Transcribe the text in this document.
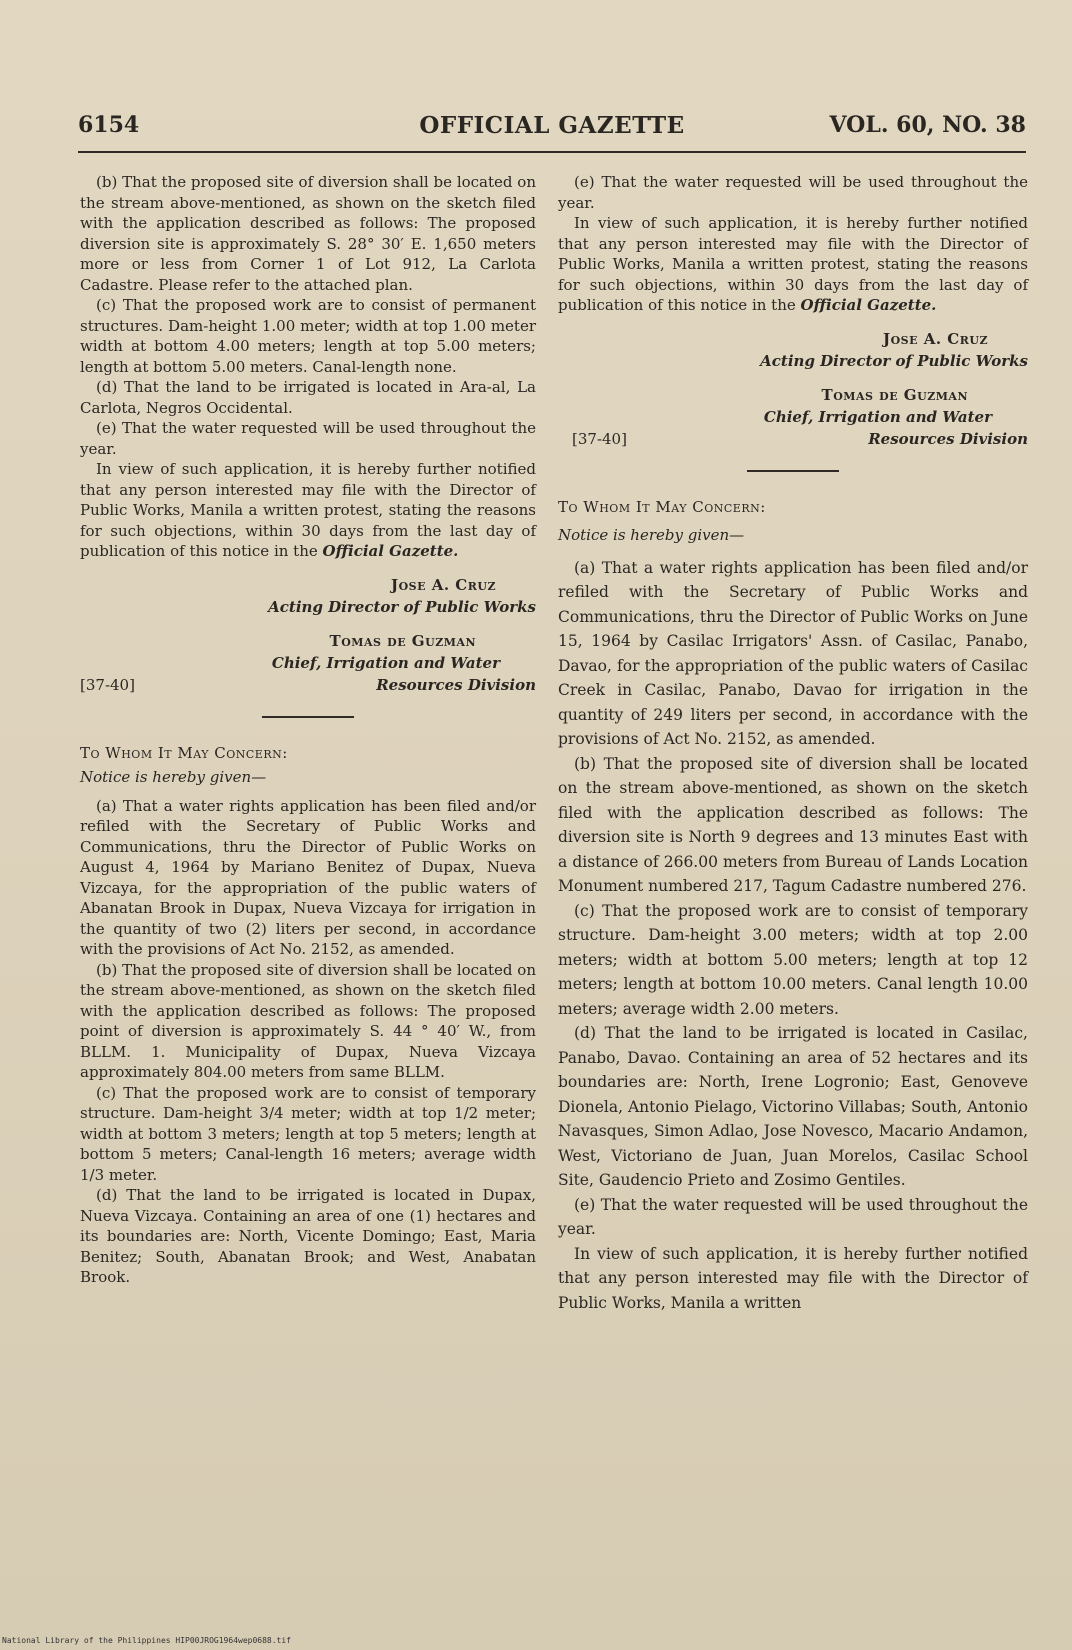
6154	OFFICIAL GAZETTE	VOL. 60, NO. 38

(b) That the proposed site of diversion shall be located on the stream above-mentioned, as shown on the sketch filed with the application described as follows: The proposed diversion site is approximately S. 28° 30′ E. 1,650 meters more or less from Corner 1 of Lot 912, La Carlota Cadastre. Please refer to the attached plan.

(c) That the proposed work are to consist of permanent structures. Dam-height 1.00 meter; width at top 1.00 meter width at bottom 4.00 meters; length at top 5.00 meters; length at bottom 5.00 meters. Canal-length none.

(d) That the land to be irrigated is located in Ara-al, La Carlota, Negros Occidental.

(e) That the water requested will be used throughout the year.

In view of such application, it is hereby further notified that any person interested may file with the Director of Public Works, Manila a written protest, stating the reasons for such objections, within 30 days from the last day of publication of this notice in the Official Gazette.

Jose A. Cruz
Acting Director of Public Works
Tomas de Guzman
Chief, Irrigation and Water
[37-40]	Resources Division
To Whom It May Concern:
Notice is hereby given—

(a) That a water rights application has been filed and/or refiled with the Secretary of Public Works and Communications, thru the Director of Public Works on August 4, 1964 by Mariano Benitez of Dupax, Nueva Vizcaya, for the appropriation of the public waters of Abanatan Brook in Dupax, Nueva Vizcaya for irrigation in the quantity of two (2) liters per second, in accordance with the provisions of Act No. 2152, as amended.

(b) That the proposed site of diversion shall be located on the stream above-mentioned, as shown on the sketch filed with the application described as follows: The proposed point of diversion is approximately S. 44 ° 40′ W., from BLLM. 1. Municipality of Dupax, Nueva Vizcaya approximately 804.00 meters from same BLLM.

(c) That the proposed work are to consist of temporary structure. Dam-height 3/4 meter; width at top 1/2 meter; width at bottom 3 meters; length at top 5 meters; length at bottom 5 meters; Canal-length 16 meters; average width 1/3 meter.

(d) That the land to be irrigated is located in Dupax, Nueva Vizcaya. Containing an area of one (1) hectares and its boundaries are: North, Vicente Domingo; East, Maria Benitez; South, Abanatan Brook; and West, Anabatan Brook.

(e) That the water requested will be used throughout the year.

In view of such application, it is hereby further notified that any person interested may file with the Director of Public Works, Manila a written protest, stating the reasons for such objections, within 30 days from the last day of publication of this notice in the Official Gazette.

Jose A. Cruz
Acting Director of Public Works
Tomas de Guzman
Chief, Irrigation and Water
[37-40]	Resources Division
To Whom It May Concern:
Notice is hereby given—

(a) That a water rights application has been filed and/or refiled with the Secretary of Public Works and Communications, thru the Director of Public Works on June 15, 1964 by Casilac Irrigators' Assn. of Casilac, Panabo, Davao, for the appropriation of the public waters of Casilac Creek in Casilac, Panabo, Davao for irrigation in the quantity of 249 liters per second, in accordance with the provisions of Act No. 2152, as amended.

(b) That the proposed site of diversion shall be located on the stream above-mentioned, as shown on the sketch filed with the application described as follows: The diversion site is North 9 degrees and 13 minutes East with a distance of 266.00 meters from Bureau of Lands Location Monument numbered 217, Tagum Cadastre numbered 276.

(c) That the proposed work are to consist of temporary structure. Dam-height 3.00 meters; width at top 2.00 meters; width at bottom 5.00 meters; length at top 12 meters; length at bottom 10.00 meters. Canal length 10.00 meters; average width 2.00 meters.

(d) That the land to be irrigated is located in Casilac, Panabo, Davao. Containing an area of 52 hectares and its boundaries are: North, Irene Logronio; East, Genoveve Dionela, Antonio Pielago, Victorino Villabas; South, Antonio Navasques, Simon Adlao, Jose Novesco, Macario Andamon, West, Victoriano de Juan, Juan Morelos, Casilac School Site, Gaudencio Prieto and Zosimo Gentiles.

(e) That the water requested will be used throughout the year.

In view of such application, it is hereby further notified that any person interested may file with the Director of Public Works, Manila a written

National Library of the Philippines HIP00JROG1964wep0688.tif
